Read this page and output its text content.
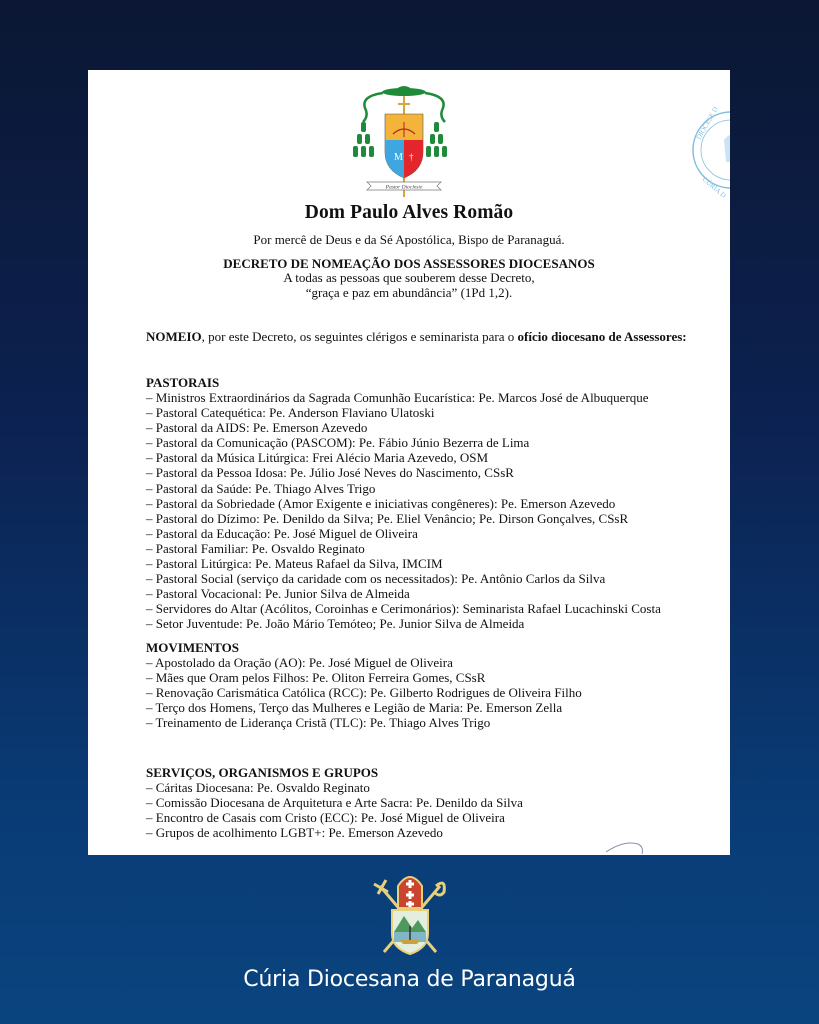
M †
Pastor Dioclesie
DIOCESE D
CÚRIA D
Dom Paulo Alves Romão
Por mercê de Deus e da Sé Apostólica, Bispo de Paranaguá.
DECRETO DE NOMEAÇÃO DOS ASSESSORES DIOCESANOS
A todas as pessoas que souberem desse Decreto,
“graça e paz em abundância” (1Pd 1,2).
NOMEIO, por este Decreto, os seguintes clérigos e seminarista para o ofício diocesano de Assessores:
PASTORAIS
– Ministros Extraordinários da Sagrada Comunhão Eucarística: Pe. Marcos José de Albuquerque
– Pastoral Catequética: Pe. Anderson Flaviano Ulatoski
– Pastoral da AIDS: Pe. Emerson Azevedo
– Pastoral da Comunicação (PASCOM): Pe. Fábio Júnio Bezerra de Lima
– Pastoral da Música Litúrgica: Frei Alécio Maria Azevedo, OSM
– Pastoral da Pessoa Idosa: Pe. Júlio José Neves do Nascimento, CSsR
– Pastoral da Saúde: Pe. Thiago Alves Trigo
– Pastoral da Sobriedade (Amor Exigente e iniciativas congêneres): Pe. Emerson Azevedo
– Pastoral do Dízimo: Pe. Denildo da Silva; Pe. Eliel Venâncio; Pe. Dirson Gonçalves, CSsR
– Pastoral da Educação: Pe. José Miguel de Oliveira
– Pastoral Familiar: Pe. Osvaldo Reginato
– Pastoral Litúrgica: Pe. Mateus Rafael da Silva, IMCIM
– Pastoral Social (serviço da caridade com os necessitados): Pe. Antônio Carlos da Silva
– Pastoral Vocacional: Pe. Junior Silva de Almeida
– Servidores do Altar (Acólitos, Coroinhas e Cerimonários): Seminarista Rafael Lucachinski Costa
– Setor Juventude: Pe. João Mário Temóteo; Pe. Junior Silva de Almeida
MOVIMENTOS
– Apostolado da Oração (AO): Pe. José Miguel de Oliveira
– Mães que Oram pelos Filhos: Pe. Oliton Ferreira Gomes, CSsR
– Renovação Carismática Católica (RCC): Pe. Gilberto Rodrigues de Oliveira Filho
– Terço dos Homens, Terço das Mulheres e Legião de Maria: Pe. Emerson Zella
– Treinamento de Liderança Cristã (TLC): Pe. Thiago Alves Trigo
SERVIÇOS, ORGANISMOS E GRUPOS
– Cáritas Diocesana: Pe. Osvaldo Reginato
– Comissão Diocesana de Arquitetura e Arte Sacra: Pe. Denildo da Silva
– Encontro de Casais com Cristo (ECC): Pe. José Miguel de Oliveira
– Grupos de acolhimento LGBT+: Pe. Emerson Azevedo
Cúria Diocesana de Paranaguá
